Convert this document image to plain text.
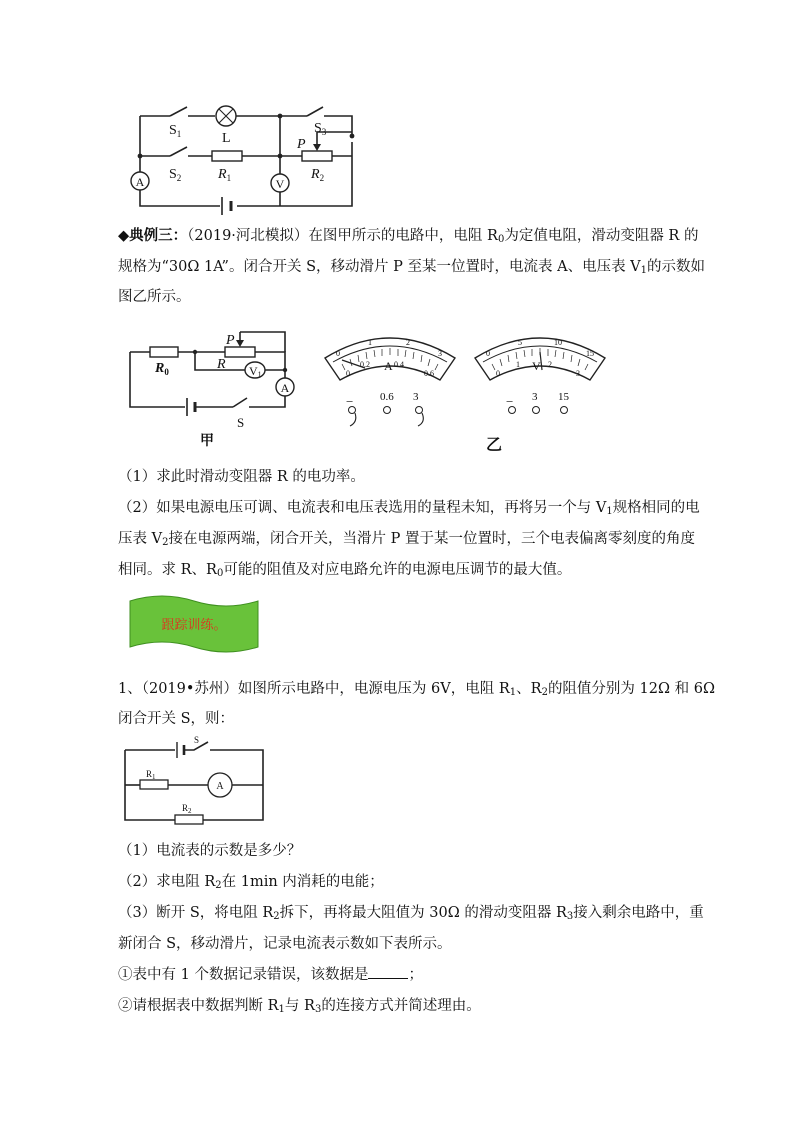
A	V
$S_1$	L
$S_3$
P
$S_2$	$R_1$	$R_2$
◆典例三：（2019·河北模拟）在图甲所示的电路中，电阻 $R_0$为定值电阻，滑动变阻器 R 的
规格为“30Ω 1A”。闭合开关 S，移动滑片 P 至某一位置时，电流表 A、电压表 $V_1$的示数如
图乙所示。
V1
A
P
$R_0$	R
S
甲
0
1	2
3
0
0.2	0.4
0.6
A
− 0.6 3
0
5	10
15
0
1	2
3
V
− 3 15
乙
（1）求此时滑动变阻器 R 的电功率。
（2）如果电源电压可调、电流表和电压表选用的量程未知，再将另一个与 $V_1$规格相同的电
压表 $V_2$接在电源两端，闭合开关，当滑片 P 置于某一位置时，三个电表偏离零刻度的角度
相同。求 R、$R_0$可能的阻值及对应电路允许的电源电压调节的最大值。
跟踪训练。
1、（2019•苏州）如图所示电路中，电源电压为 6V，电阻 $R_1$、$R_2$的阻值分别为 12Ω 和 6Ω
闭合开关 S，则：
A
S
$R_1$
$R_2$
（1）电流表的示数是多少？
（2）求电阻 $R_2$在 1min 内消耗的电能；
（3）断开 S，将电阻 $R_2$拆下，再将最大阻值为 30Ω 的滑动变阻器 $R_3$接入剩余电路中，重
新闭合 S，移动滑片，记录电流表示数如下表所示。
①表中有 1 个数据记录错误，该数据是	；
②请根据表中数据判断 $R_1$与 $R_3$的连接方式并简述理由。
